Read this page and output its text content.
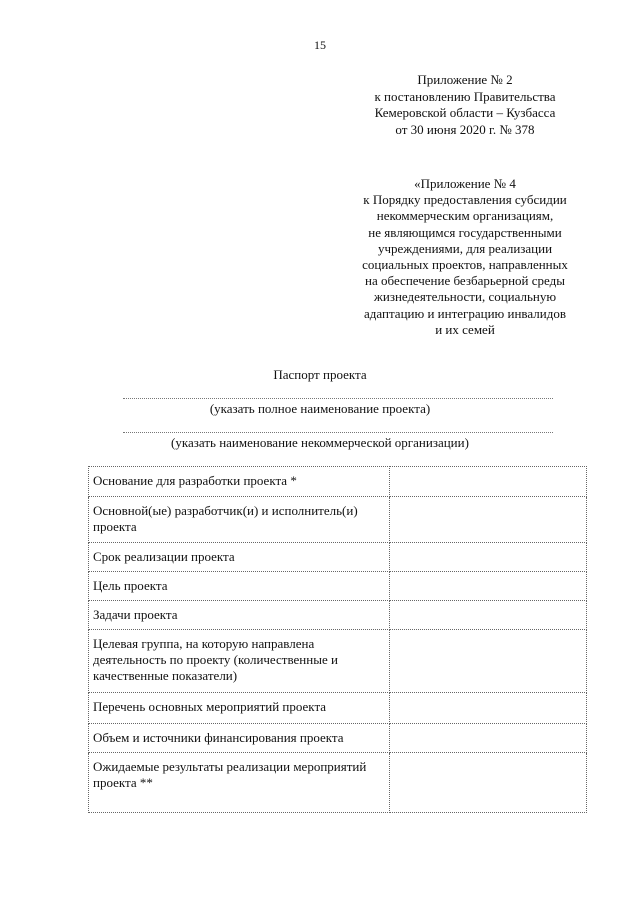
15
Приложение № 2
к постановлению Правительства
Кемеровской области – Кузбасса
от 30 июня 2020 г. № 378
«Приложение № 4
к Порядку предоставления субсидии
некоммерческим организациям,
не являющимся государственными
учреждениями, для реализации
социальных проектов, направленных
на обеспечение безбарьерной среды
жизнедеятельности, социальную
адаптацию и интеграцию инвалидов
и их семей
Паспорт проекта
(указать полное наименование проекта)
(указать наименование некоммерческой организации)
Основание для разработки проекта *	
Основной(ые) разработчик(и) и исполнитель(и) проекта	
Срок реализации проекта	
Цель проекта	
Задачи проекта	
Целевая группа, на которую направлена деятельность по проекту (количественные и качественные показатели)	
Перечень основных мероприятий проекта	
Объем и источники финансирования проекта	
Ожидаемые результаты реализации мероприятий проекта **	
